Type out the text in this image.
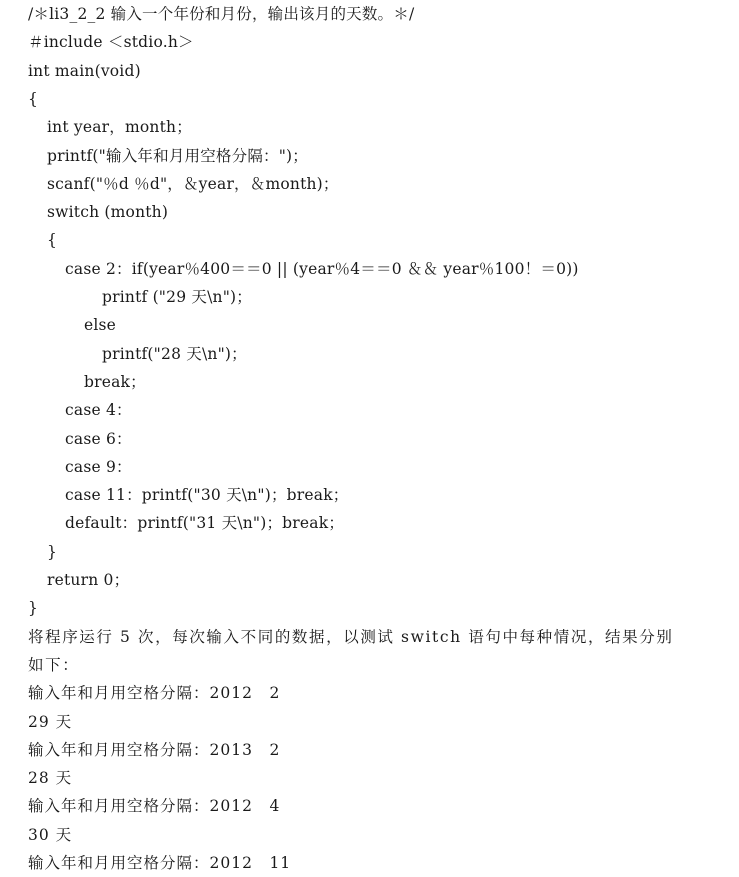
/＊li3_2_2 输入一个年份和月份，输出该月的天数。＊/
＃include ＜stdio.h＞
int main(void)
{
int year，month；
printf("输入年和月用空格分隔：")；
scanf("％d ％d"，＆year，＆month)；
switch (month)
{
case 2：if(year％400＝＝0 || (year％4＝＝0 ＆＆ year％100！＝0))
printf ("29 天\n")；
else
printf("28 天\n")；
break；
case 4：
case 6：
case 9：
case 11：printf("30 天\n")；break；
default：printf("31 天\n")；break；
}
return 0；
}
将程序运行 5 次，每次输入不同的数据，以测试 switch 语句中每种情况，结果分别
如下：
输入年和月用空格分隔：2012　2
29 天
输入年和月用空格分隔：2013　2
28 天
输入年和月用空格分隔：2012　4
30 天
输入年和月用空格分隔：2012　11
